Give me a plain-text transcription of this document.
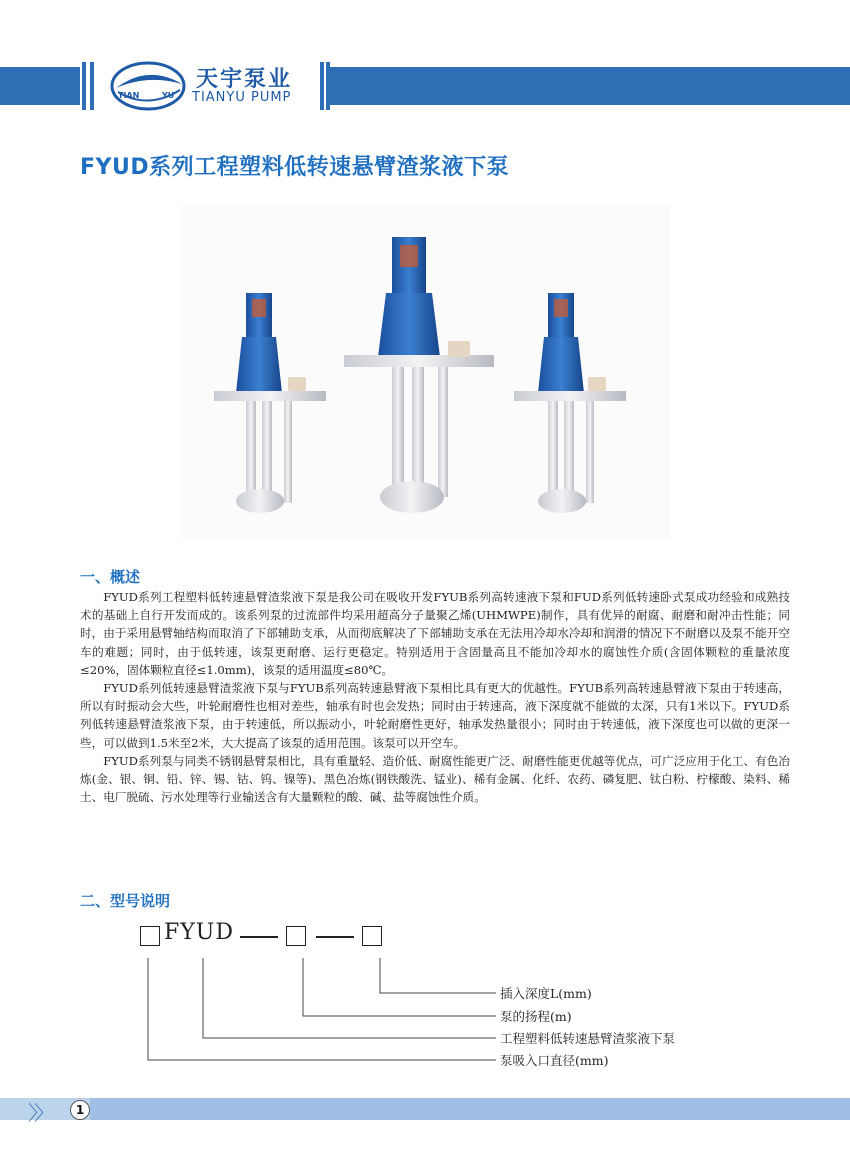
TIAN	YU
天宇泵业
TIANYU PUMP
FYUD系列工程塑料低转速悬臂渣浆液下泵
一、概述

FYUD系列工程塑料低转速悬臂渣浆液下泵是我公司在吸收开发FYUB系列高转速液下泵和FUD系列低转速卧式泵成功经验和成熟技术的基础上自行开发而成的。该系列泵的过流部件均采用超高分子量聚乙烯(UHMWPE)制作，具有优异的耐腐、耐磨和耐冲击性能；同时，由于采用悬臂轴结构而取消了下部辅助支承，从而彻底解决了下部辅助支承在无法用冷却水冷却和润滑的情况下不耐磨以及泵不能开空车的难题；同时，由于低转速，该泵更耐磨、运行更稳定。特别适用于含固量高且不能加冷却水的腐蚀性介质(含固体颗粒的重量浓度≤20%，固体颗粒直径≤1.0mm)，该泵的适用温度≤80℃。

FYUD系列低转速悬臂渣浆液下泵与FYUB系列高转速悬臂液下泵相比具有更大的优越性。FYUB系列高转速悬臂液下泵由于转速高，所以有时振动会大些，叶轮耐磨性也相对差些，轴承有时也会发热；同时由于转速高，液下深度就不能做的太深，只有1米以下。FYUD系列低转速悬臂渣浆液下泵，由于转速低，所以振动小，叶轮耐磨性更好，轴承发热量很小；同时由于转速低，液下深度也可以做的更深一些，可以做到1.5米至2米，大大提高了该泵的适用范围。该泵可以开空车。

FYUD系列泵与同类不锈钢悬臂泵相比，具有重量轻、造价低、耐腐性能更广泛、耐磨性能更优越等优点，可广泛应用于化工、有色冶炼(金、银、铜、铅、锌、锡、钴、钨、镍等)、黑色冶炼(钢铁酸洗、锰业)、稀有金属、化纤、农药、磷复肥、钛白粉、柠檬酸、染料、稀土、电厂脱硫、污水处理等行业输送含有大量颗粒的酸、碱、盐等腐蚀性介质。

二、型号说明
FYUD
插入深度L(mm)
泵的扬程(m)
工程塑料低转速悬臂渣浆液下泵
泵吸入口直径(mm)
〉〉	1
